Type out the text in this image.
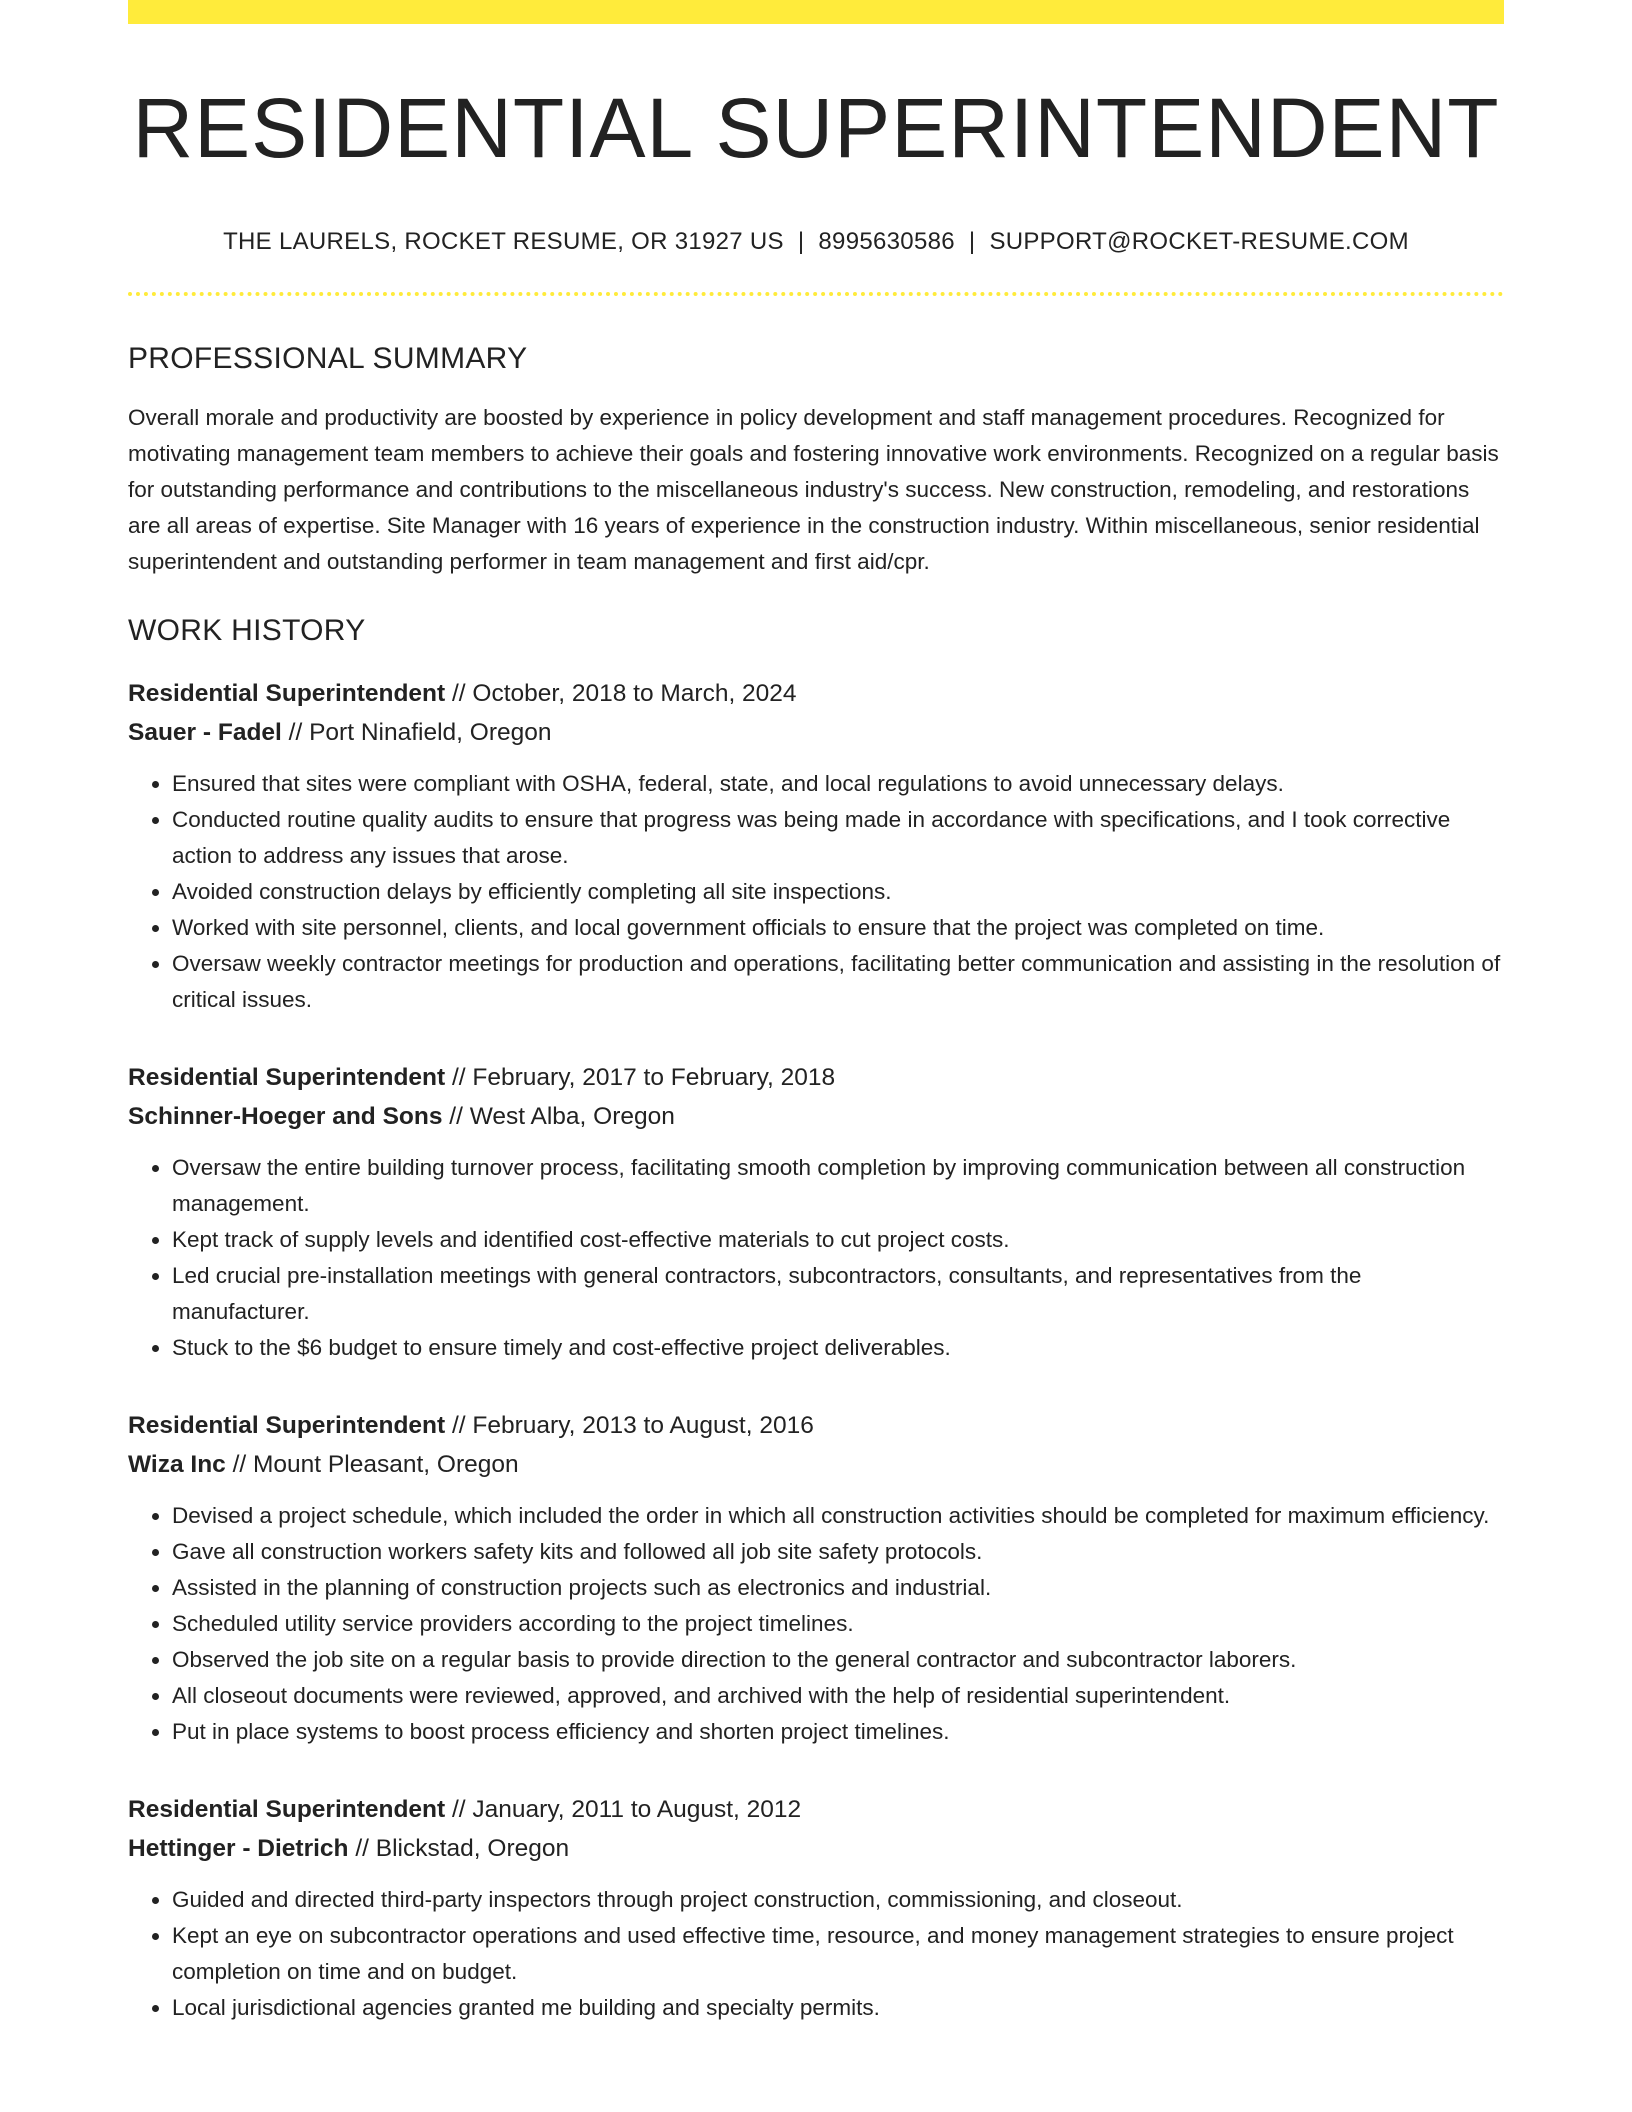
RESIDENTIAL SUPERINTENDENT
THE LAURELS, ROCKET RESUME, OR 31927 US | 8995630586 | SUPPORT@ROCKET-RESUME.COM
PROFESSIONAL SUMMARY
Overall morale and productivity are boosted by experience in policy development and staff management procedures. Recognized for motivating management team members to achieve their goals and fostering innovative work environments. Recognized on a regular basis for outstanding performance and contributions to the miscellaneous industry's success. New construction, remodeling, and restorations are all areas of expertise. Site Manager with 16 years of experience in the construction industry. Within miscellaneous, senior residential superintendent and outstanding performer in team management and first aid/cpr.
WORK HISTORY
Residential Superintendent // October, 2018 to March, 2024
Sauer - Fadel // Port Ninafield, Oregon
• Ensured that sites were compliant with OSHA, federal, state, and local regulations to avoid unnecessary delays.
• Conducted routine quality audits to ensure that progress was being made in accordance with specifications, and I took corrective action to address any issues that arose.
• Avoided construction delays by efficiently completing all site inspections.
• Worked with site personnel, clients, and local government officials to ensure that the project was completed on time.
• Oversaw weekly contractor meetings for production and operations, facilitating better communication and assisting in the resolution of critical issues.
Residential Superintendent // February, 2017 to February, 2018
Schinner-Hoeger and Sons // West Alba, Oregon
• Oversaw the entire building turnover process, facilitating smooth completion by improving communication between all construction management.
• Kept track of supply levels and identified cost-effective materials to cut project costs.
• Led crucial pre-installation meetings with general contractors, subcontractors, consultants, and representatives from the manufacturer.
• Stuck to the $6 budget to ensure timely and cost-effective project deliverables.
Residential Superintendent // February, 2013 to August, 2016
Wiza Inc // Mount Pleasant, Oregon
• Devised a project schedule, which included the order in which all construction activities should be completed for maximum efficiency.
• Gave all construction workers safety kits and followed all job site safety protocols.
• Assisted in the planning of construction projects such as electronics and industrial.
• Scheduled utility service providers according to the project timelines.
• Observed the job site on a regular basis to provide direction to the general contractor and subcontractor laborers.
• All closeout documents were reviewed, approved, and archived with the help of residential superintendent.
• Put in place systems to boost process efficiency and shorten project timelines.
Residential Superintendent // January, 2011 to August, 2012
Hettinger - Dietrich // Blickstad, Oregon
• Guided and directed third-party inspectors through project construction, commissioning, and closeout.
• Kept an eye on subcontractor operations and used effective time, resource, and money management strategies to ensure project completion on time and on budget.
• Local jurisdictional agencies granted me building and specialty permits.
